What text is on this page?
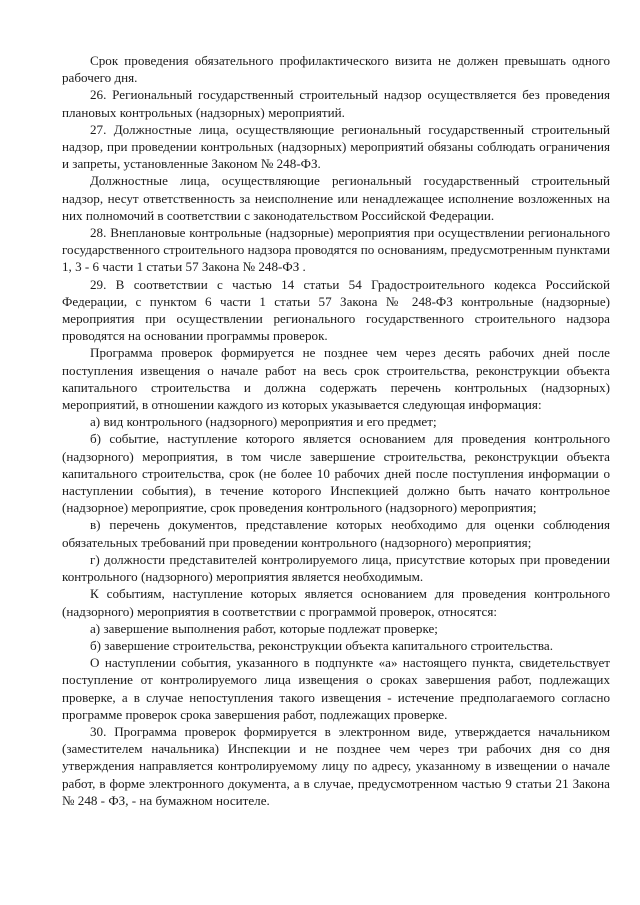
Срок проведения обязательного профилактического визита не должен превышать одного рабочего дня.

26. Региональный государственный строительный надзор осуществляется без проведения плановых контрольных (надзорных) мероприятий.

27. Должностные лица, осуществляющие региональный государственный строительный надзор, при проведении контрольных (надзорных) мероприятий обязаны соблюдать ограничения и запреты, установленные Законом № 248-ФЗ.

Должностные лица, осуществляющие региональный государственный строительный надзор, несут ответственность за неисполнение или ненадлежащее исполнение возложенных на них полномочий в соответствии с законодательством Российской Федерации.

28. Внеплановые контрольные (надзорные) мероприятия при осуществлении регионального государственного строительного надзора проводятся по основаниям, предусмотренным пунктами 1, 3 - 6 части 1 статьи 57 Закона № 248-ФЗ .

29. В соответствии с частью 14 статьи 54 Градостроительного кодекса Российской Федерации, с пунктом 6 части 1 статьи 57 Закона № 248-ФЗ контрольные (надзорные) мероприятия при осуществлении регионального государственного строительного надзора проводятся на основании программы проверок.

Программа проверок формируется не позднее чем через десять рабочих дней после поступления извещения о начале работ на весь срок строительства, реконструкции объекта капитального строительства и должна содержать перечень контрольных (надзорных) мероприятий, в отношении каждого из которых указывается следующая информация:

а) вид контрольного (надзорного) мероприятия и его предмет;

б) событие, наступление которого является основанием для проведения контрольного (надзорного) мероприятия, в том числе завершение строительства, реконструкции объекта капитального строительства, срок (не более 10 рабочих дней после поступления информации о наступлении события), в течение которого Инспекцией должно быть начато контрольное (надзорное) мероприятие, срок проведения контрольного (надзорного) мероприятия;

в) перечень документов, представление которых необходимо для оценки соблюдения обязательных требований при проведении контрольного (надзорного) мероприятия;

г) должности представителей контролируемого лица, присутствие которых при проведении контрольного (надзорного) мероприятия является необходимым.

К событиям, наступление которых является основанием для проведения контрольного (надзорного) мероприятия в соответствии с программой проверок, относятся:

а) завершение выполнения работ, которые подлежат проверке;

б) завершение строительства, реконструкции объекта капитального строительства.

О наступлении события, указанного в подпункте «а» настоящего пункта, свидетельствует поступление от контролируемого лица извещения о сроках завершения работ, подлежащих проверке, а в случае непоступления такого извещения - истечение предполагаемого согласно программе проверок срока завершения работ, подлежащих проверке.

30. Программа проверок формируется в электронном виде, утверждается начальником (заместителем начальника) Инспекции и не позднее чем через три рабочих дня со дня утверждения направляется контролируемому лицу по адресу, указанному в извещении о начале работ, в форме электронного документа, а в случае, предусмотренном частью 9 статьи 21 Закона № 248 - ФЗ, - на бумажном носителе.
